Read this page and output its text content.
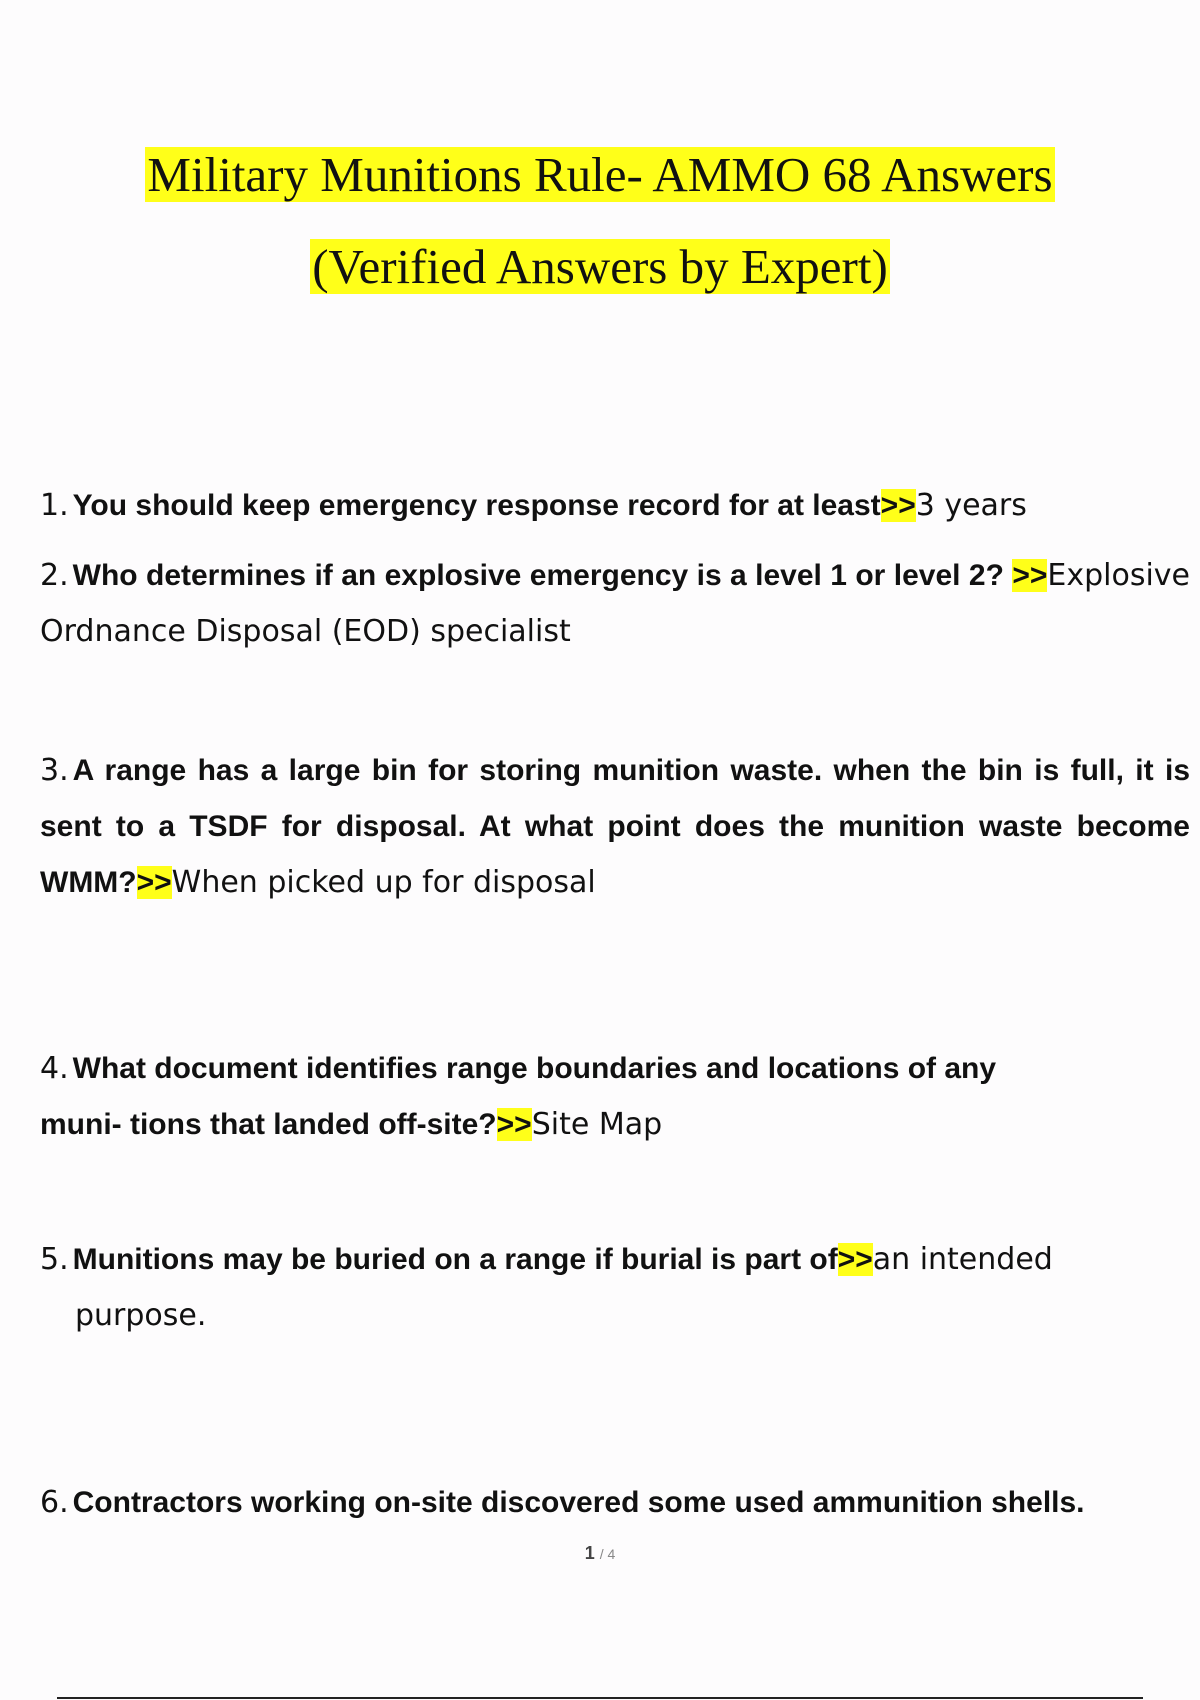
Military Munitions Rule- AMMO 68 Answers
(Verified Answers by Expert)

1. You should keep emergency response record for at least>>3 years

2. Who determines if an explosive emergency is a level 1 or level 2? >>Explosive Ordnance Disposal (EOD) specialist

3. A range has a large bin for storing munition waste. when the bin is full, it is sent to a TSDF for disposal. At what point does the munition waste become WMM?>>When picked up for disposal

4. What document identifies range boundaries and locations of any muni- tions that landed off-site?>>Site Map

5. Munitions may be buried on a range if burial is part of>>an intended purpose.

6. Contractors working on-site discovered some used ammunition shells.

1 / 4
